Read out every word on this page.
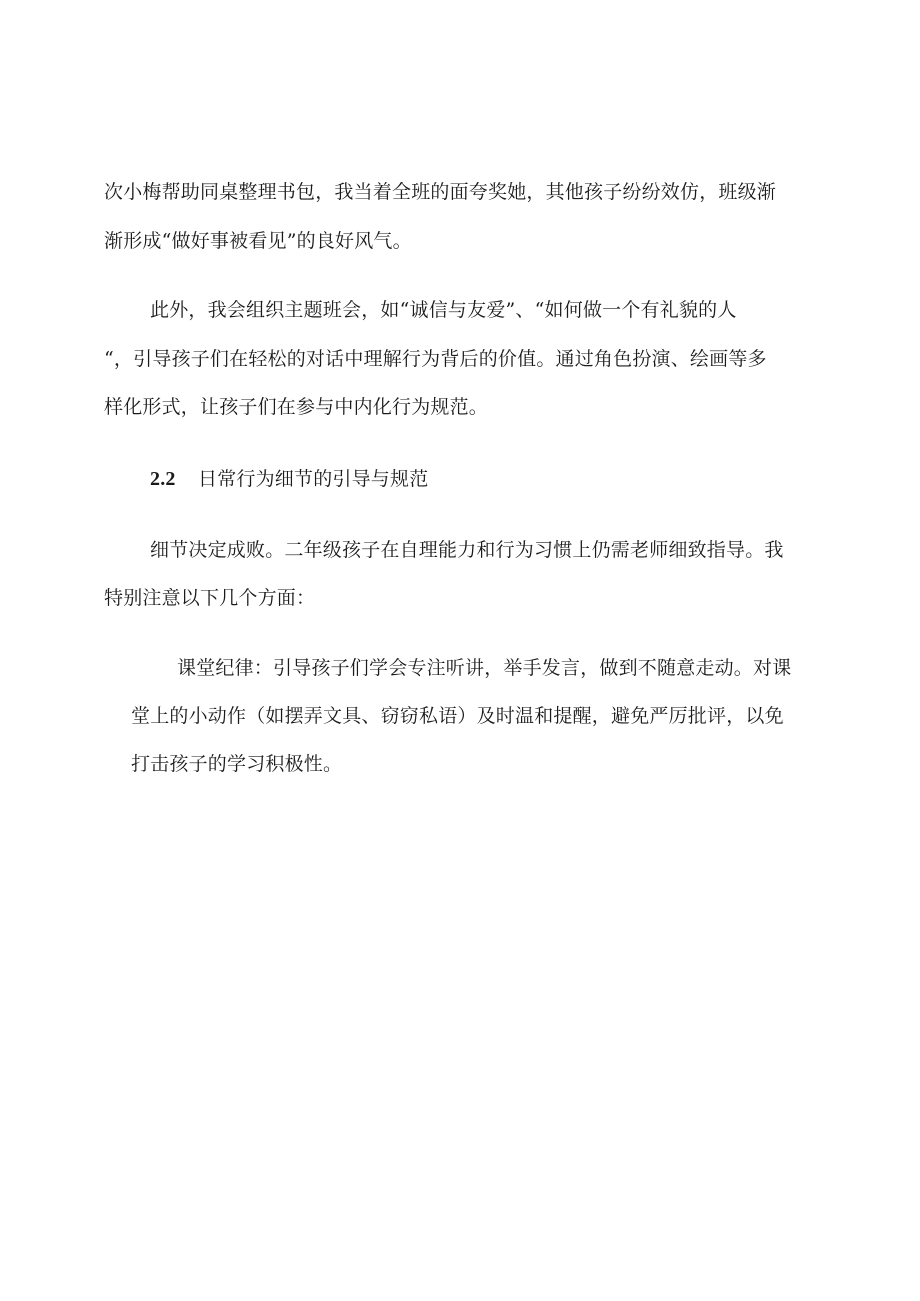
次小梅帮助同桌整理书包，我当着全班的面夸奖她，其他孩子纷纷效仿，班级渐
渐形成“做好事被看见”的良好风气。
此外，我会组织主题班会，如“诚信与友爱”、“如何做一个有礼貌的人
“，引导孩子们在轻松的对话中理解行为背后的价值。通过角色扮演、绘画等多
样化形式，让孩子们在参与中内化行为规范。
2.2 日常行为细节的引导与规范
细节决定成败。二年级孩子在自理能力和行为习惯上仍需老师细致指导。我
特别注意以下几个方面：
课堂纪律：引导孩子们学会专注听讲，举手发言，做到不随意走动。对课
堂上的小动作（如摆弄文具、窃窃私语）及时温和提醒，避免严厉批评，以免
打击孩子的学习积极性。
